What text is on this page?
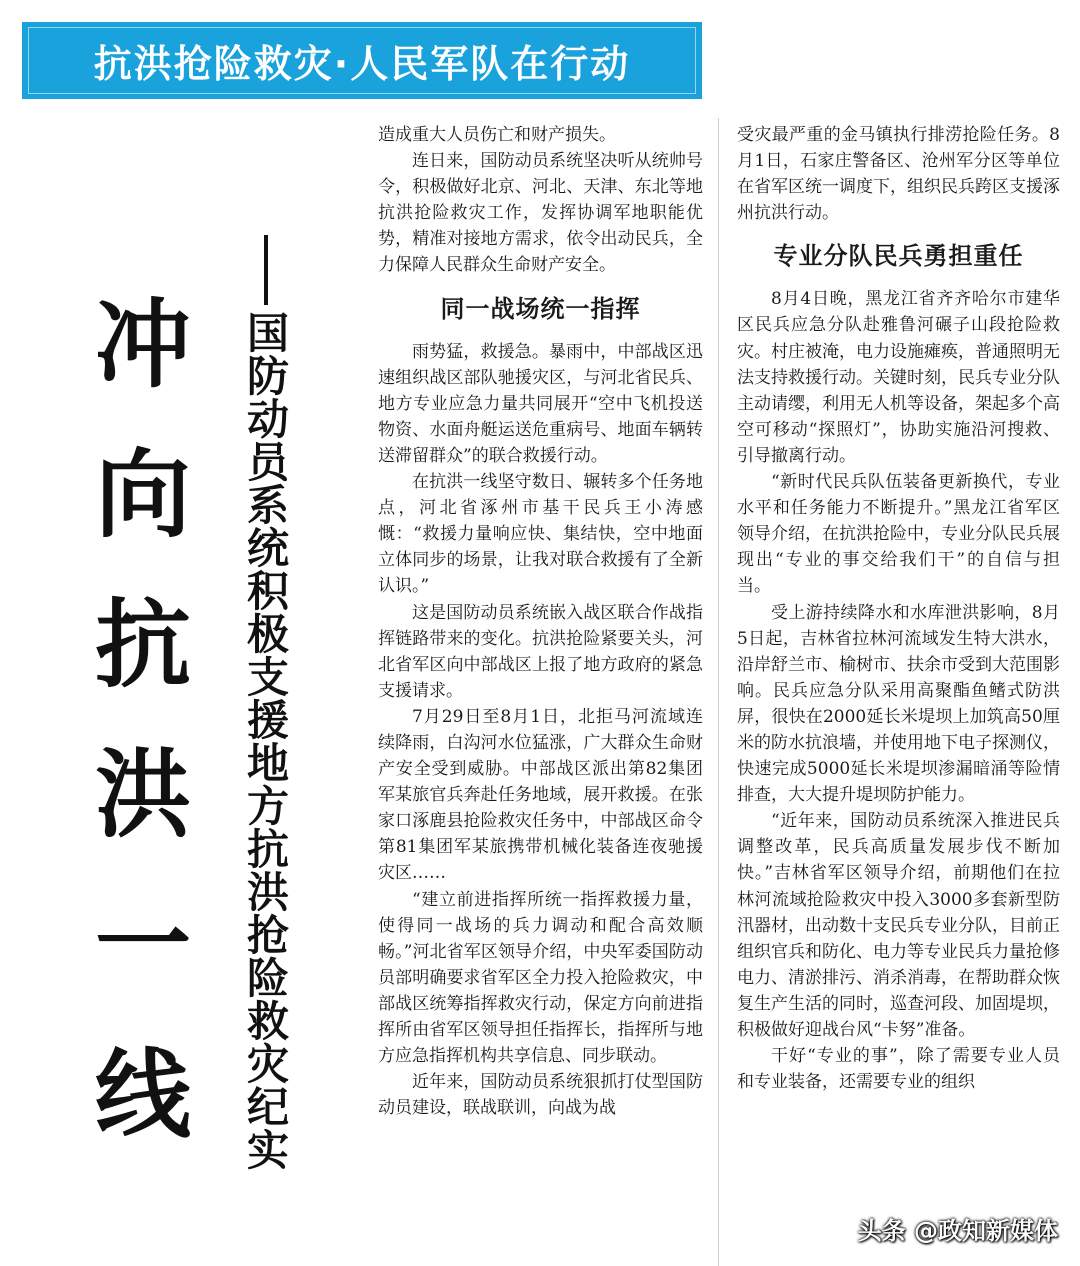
抗洪抢险救灾·人民军队在行动
冲
向
抗
洪
一
线
国
防
动
员
系
统
积
极
支
援
地
方
抗
洪
抢
险
救
灾
纪
实

造成重大人员伤亡和财产损失。

连日来，国防动员系统坚决听从统帅号令，积极做好北京、河北、天津、东北等地抗洪抢险救灾工作，发挥协调军地职能优势，精准对接地方需求，依令出动民兵，全力保障人民群众生命财产安全。

同一战场统一指挥

雨势猛，救援急。暴雨中，中部战区迅速组织战区部队驰援灾区，与河北省民兵、地方专业应急力量共同展开“空中飞机投送物资、水面舟艇运送危重病号、地面车辆转送滞留群众”的联合救援行动。

在抗洪一线坚守数日、辗转多个任务地点，河北省涿州市基干民兵王小涛感慨：“救援力量响应快、集结快，空中地面立体同步的场景，让我对联合救援有了全新认识。”

这是国防动员系统嵌入战区联合作战指挥链路带来的变化。抗洪抢险紧要关头，河北省军区向中部战区上报了地方政府的紧急支援请求。

7月29日至8月1日，北拒马河流域连续降雨，白沟河水位猛涨，广大群众生命财产安全受到威胁。中部战区派出第82集团军某旅官兵奔赴任务地域，展开救援。在张家口涿鹿县抢险救灾任务中，中部战区命令第81集团军某旅携带机械化装备连夜驰援灾区……

“建立前进指挥所统一指挥救援力量，使得同一战场的兵力调动和配合高效顺畅。”河北省军区领导介绍，中央军委国防动员部明确要求省军区全力投入抢险救灾，中部战区统筹指挥救灾行动，保定方向前进指挥所由省军区领导担任指挥长，指挥所与地方应急指挥机构共享信息、同步联动。

近年来，国防动员系统狠抓打仗型国防动员建设，联战联训，向战为战

受灾最严重的金马镇执行排涝抢险任务。8月1日，石家庄警备区、沧州军分区等单位在省军区统一调度下，组织民兵跨区支援涿州抗洪行动。

专业分队民兵勇担重任

8月4日晚，黑龙江省齐齐哈尔市建华区民兵应急分队赴雅鲁河碾子山段抢险救灾。村庄被淹，电力设施瘫痪，普通照明无法支持救援行动。关键时刻，民兵专业分队主动请缨，利用无人机等设备，架起多个高空可移动“探照灯”，协助实施沿河搜救、引导撤离行动。

“新时代民兵队伍装备更新换代，专业水平和任务能力不断提升。”黑龙江省军区领导介绍，在抗洪抢险中，专业分队民兵展现出“专业的事交给我们干”的自信与担当。

受上游持续降水和水库泄洪影响，8月5日起，吉林省拉林河流域发生特大洪水，沿岸舒兰市、榆树市、扶余市受到大范围影响。民兵应急分队采用高聚酯鱼鳍式防洪屏，很快在2000延长米堤坝上加筑高50厘米的防水抗浪墙，并使用地下电子探测仪，快速完成5000延长米堤坝渗漏暗涌等险情排查，大大提升堤坝防护能力。

“近年来，国防动员系统深入推进民兵调整改革，民兵高质量发展步伐不断加快。”吉林省军区领导介绍，前期他们在拉林河流域抢险救灾中投入3000多套新型防汛器材，出动数十支民兵专业分队，目前正组织官兵和防化、电力等专业民兵力量抢修电力、清淤排污、消杀消毒，在帮助群众恢复生产生活的同时，巡查河段、加固堤坝，积极做好迎战台风“卡努”准备。

干好“专业的事”，除了需要专业人员和专业装备，还需要专业的组织

头条 @政知新媒体
